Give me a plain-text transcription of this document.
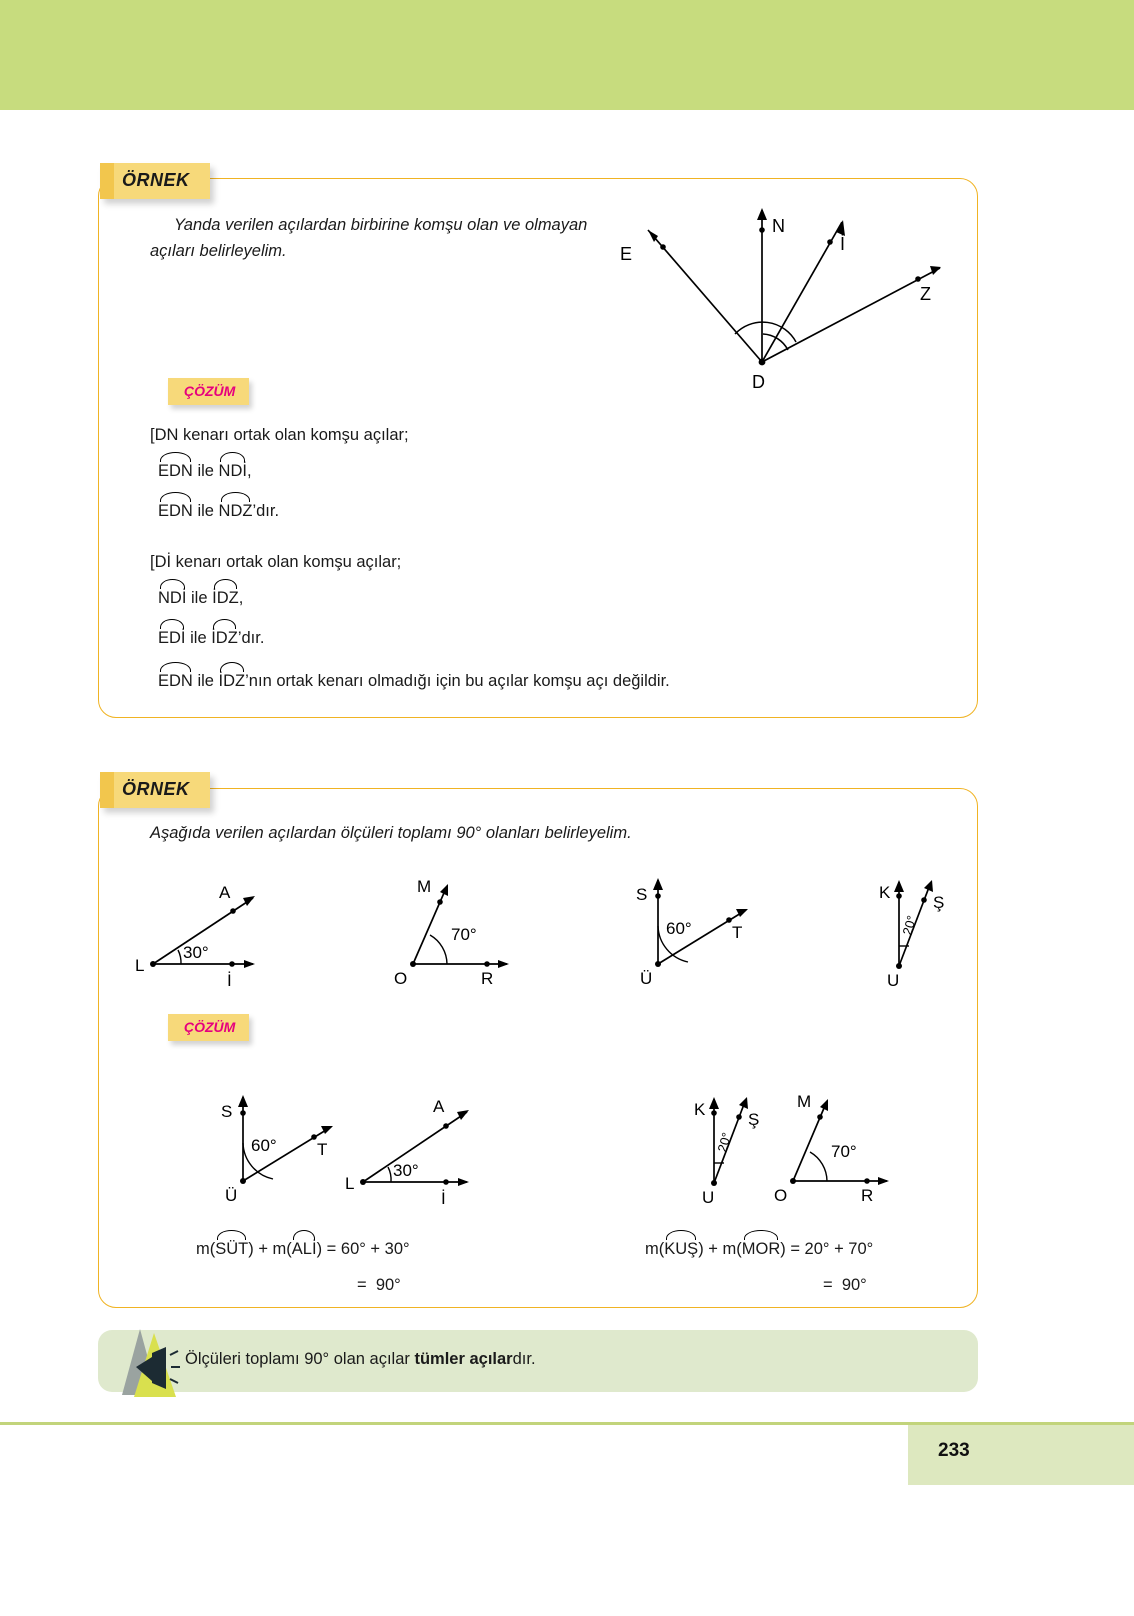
ÖRNEK
Yanda verilen açılardan birbirine komşu olan ve olmayan açıları belirleyelim.	E
N
İ
Z
D
ÇÖZÜM
[DN kenarı ortak olan komşu açılar;
EDN ile NDİ,
EDN ile NDZ’dır.
[Dİ kenarı ortak olan komşu açılar;
NDİ ile İDZ,
EDİ ile İDZ’dır.
EDN ile İDZ’nın ortak kenarı olmadığı için bu açılar komşu açı değildir.
ÖRNEK
Aşağıda verilen açılardan ölçüleri toplamı 90° olanları belirleyelim.
L
A
İ
30°
O
M
R
70°
S
T
Ü
60°
K
Ş
U
20°
ÇÖZÜM
S
T
Ü
60°
L
A
İ
30°
K
Ş
U
20°
O
M
R
70°
m(SÜT) + m(ALİ) = 60° + 30°
= 90°
m(KUŞ) + m(MOR) = 20° + 70°
= 90°
Ölçüleri toplamı 90° olan açılar tümler açılardır.
233
